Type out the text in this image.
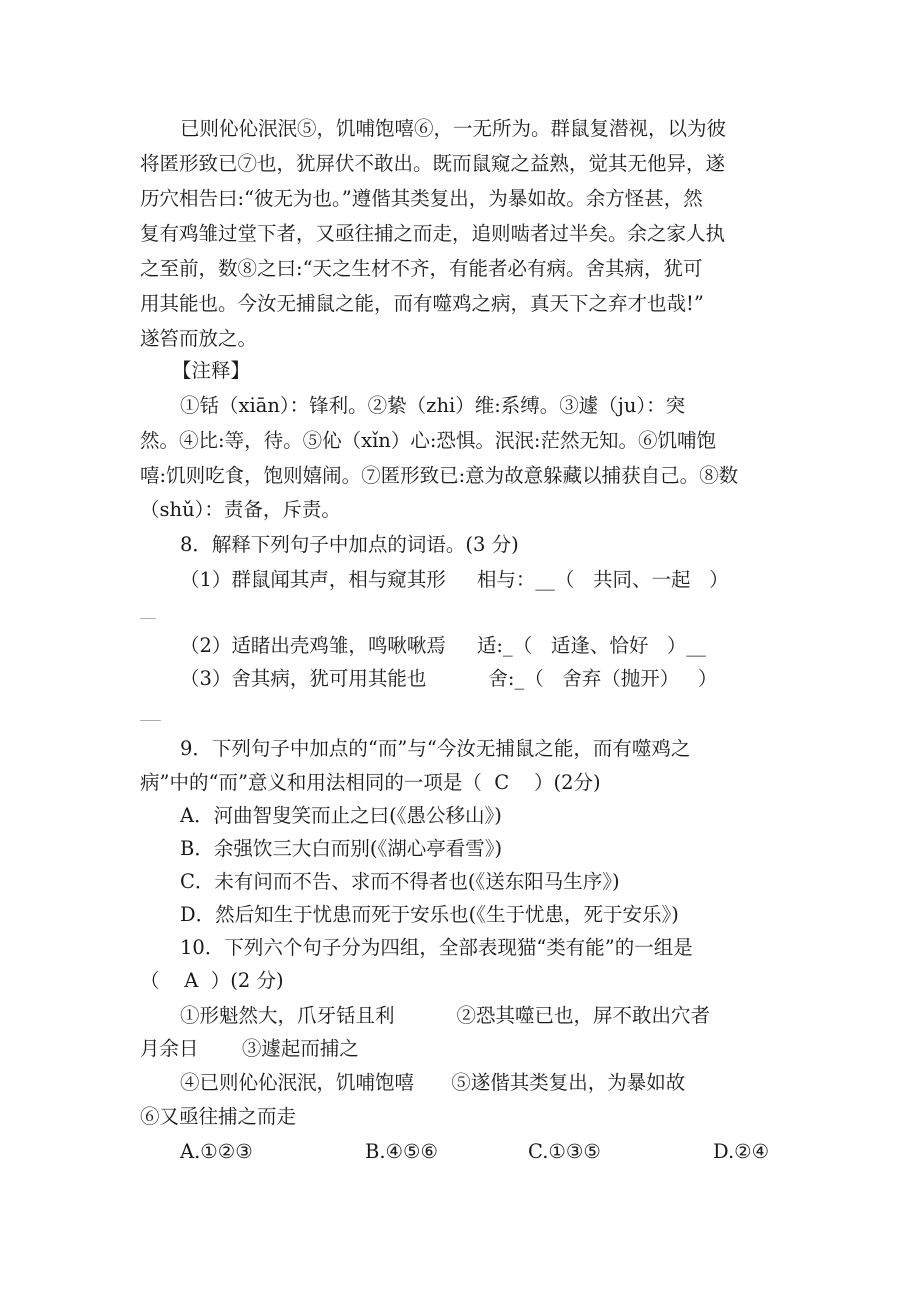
已则伈伈泯泯⑤，饥哺饱嘻⑥，一无所为。群鼠复潜视，以为彼
将匿形致已⑦也，犹屏伏不敢出。既而鼠窥之益熟，觉其无他异，遂
历穴相告曰:“彼无为也。”遵偕其类复出，为暴如故。余方怪甚，然
复有鸡雏过堂下者，又亟往捕之而走，追则啮者过半矣。余之家人执
之至前，数⑧之曰:“天之生材不齐，有能者必有病。舍其病，犹可
用其能也。今汝无捕鼠之能，而有噬鸡之病，真天下之弃才也哉!”
遂笞而放之。
【注释】
①铦（xiān）：锋利。②絷（zhi）维:系缚。③遽（ju）：突
然。④比:等，待。⑤伈（xǐn）心:恐惧。泯泯:茫然无知。⑥饥哺饱
嘻:饥则吃食，饱则嬉闹。⑦匿形致已:意为故意躲藏以捕获自己。⑧数
（shǔ）：责备，斥责。
8．解释下列句子中加点的词语。(3 分)
（1）群鼠闻其声，相与窥其形     相与：__（   共同、一起   ）
___
（2）适睹出壳鸡雏，鸣啾啾焉     适:_（   适逢、恰好   ）__
（3）舍其病，犹可用其能也          舍:_（   舍弃（抛开）   ）
____
9．下列句子中加点的“而”与“今汝无捕鼠之能，而有噬鸡之
病”中的“而”意义和用法相同的一项是（  C    ）(2分)
A．河曲智叟笑而止之曰(《愚公移山》)
B．余强饮三大白而别(《湖心亭看雪》)
C．未有问而不告、求而不得者也(《送东阳马生序》)
D．然后知生于忧患而死于安乐也(《生于忧患，死于安乐》)
10．下列六个句子分为四组，全部表现猫“类有能”的一组是
（    A  ）(2 分)
①形魁然大，爪牙铦且利          ②恐其噬已也，屏不敢出穴者
月余日       ③遽起而捕之
④已则伈伈泯泯，饥哺饱嘻      ⑤遂偕其类复出，为暴如故
⑥又亟往捕之而走
A.①②③	B.④⑤⑥	C.①③⑤	D.②④
